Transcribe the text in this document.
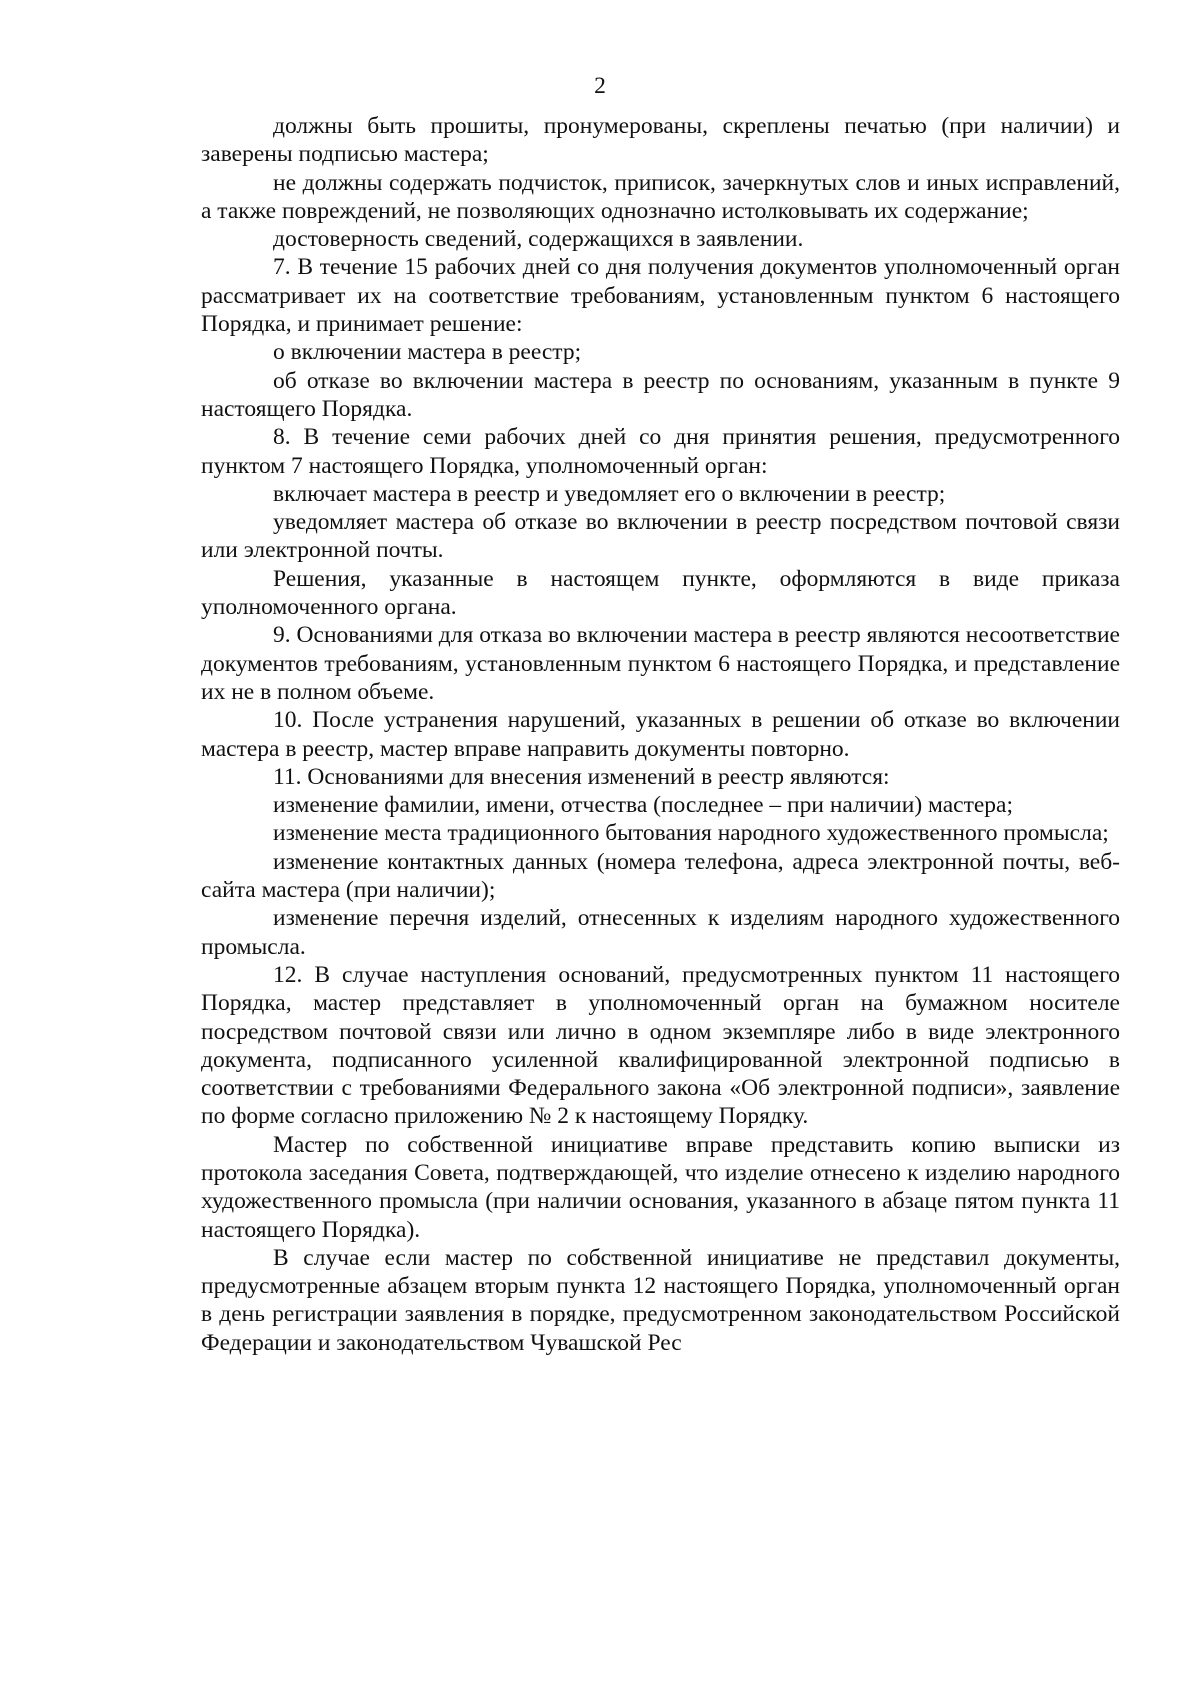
2

должны быть прошиты, пронумерованы, скреплены печатью (при наличии) и заверены подписью мастера;

не должны содержать подчисток, приписок, зачеркнутых слов и иных исправлений, а также повреждений, не позволяющих однозначно истолковывать их содержание;

достоверность сведений, содержащихся в заявлении.

7. В течение 15 рабочих дней со дня получения документов уполномоченный орган рассматривает их на соответствие требованиям, установленным пунктом 6 настоящего Порядка, и принимает решение:

о включении мастера в реестр;

об отказе во включении мастера в реестр по основаниям, указанным в пункте 9 настоящего Порядка.

8. В течение семи рабочих дней со дня принятия решения, предусмотренного пунктом 7 настоящего Порядка, уполномоченный орган:

включает мастера в реестр и уведомляет его о включении в реестр;

уведомляет мастера об отказе во включении в реестр посредством почтовой связи или электронной почты.

Решения, указанные в настоящем пункте, оформляются в виде приказа уполномоченного органа.

9. Основаниями для отказа во включении мастера в реестр являются несоответствие документов требованиям, установленным пунктом 6 настоящего Порядка, и представление их не в полном объеме.

10. После устранения нарушений, указанных в решении об отказе во включении мастера в реестр, мастер вправе направить документы повторно.

11. Основаниями для внесения изменений в реестр являются:

изменение фамилии, имени, отчества (последнее – при наличии) мастера;

изменение места традиционного бытования народного художественного промысла;

изменение контактных данных (номера телефона, адреса электронной почты, веб-сайта мастера (при наличии);

изменение перечня изделий, отнесенных к изделиям народного художественного промысла.

12. В случае наступления оснований, предусмотренных пунктом 11 настоящего Порядка, мастер представляет в уполномоченный орган на бумажном носителе посредством почтовой связи или лично в одном экземпляре либо в виде электронного документа, подписанного усиленной квалифицированной электронной подписью в соответствии с требованиями Федерального закона «Об электронной подписи», заявление по форме согласно приложению № 2 к настоящему Порядку.

Мастер по собственной инициативе вправе представить копию выписки из протокола заседания Совета, подтверждающей, что изделие отнесено к изделию народного художественного промысла (при наличии основания, указанного в абзаце пятом пункта 11 настоящего Порядка).

В случае если мастер по собственной инициативе не представил документы, предусмотренные абзацем вторым пункта 12 настоящего Порядка, уполномоченный орган в день регистрации заявления в порядке, предусмотренном законодательством Российской Федерации и законодательством Чувашской Рес
